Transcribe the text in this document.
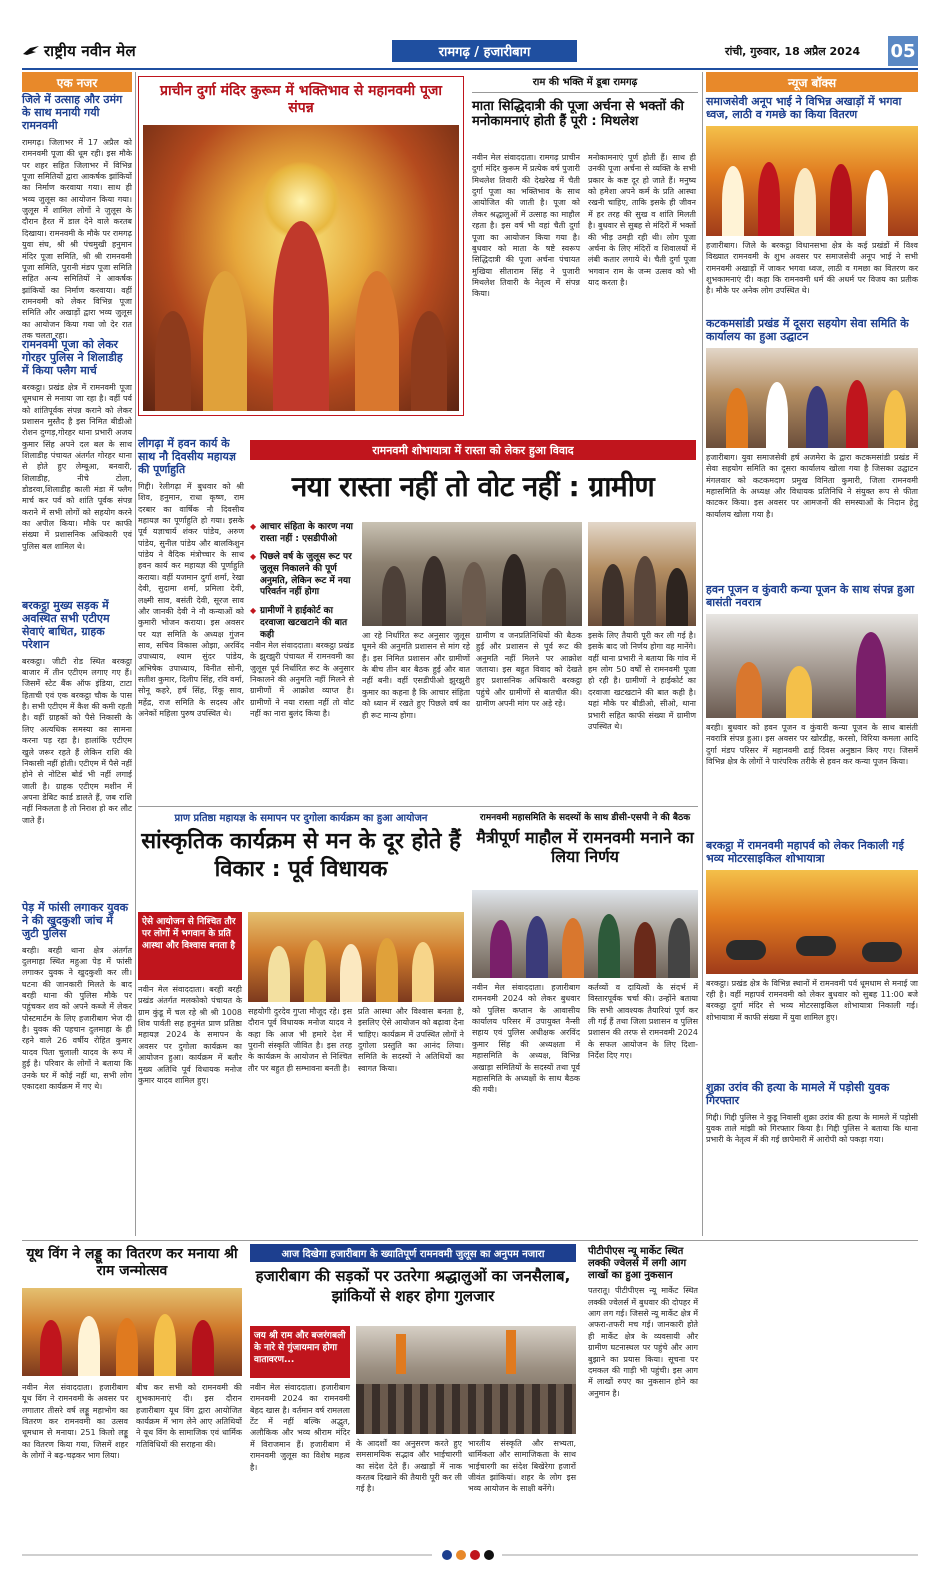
राष्ट्रीय नवीन मेल	रामगढ़ / हजारीबाग	रांची, गुरुवार, 18 अप्रैल 2024 05
एक नजर
जिले में उत्साह और उमंग के साथ मनायी गयी रामनवमी
रामगढ़। जिलाभर में 17 अप्रैल को रामनवमी पूजा की धूम रही। इस मौके पर शहर सहित जिलाभर में विभिन्न पूजा समितियों द्वारा आकर्षक झांकियों का निर्माण करवाया गया। साथ ही भव्य जुलूस का आयोजन किया गया। जुलूस में शामिल लोगों ने जुलूस के दौरान हैरत में डाल देने वाले करतब दिखाया। रामनवमी के मौके पर रामगढ़ युवा संघ, श्री श्री पंचमुखी हनुमान मंदिर पूजा समिति, श्री श्री रामनवमी पूजा समिति, पुरानी मंडप पूजा समिति सहित अन्य समितियों ने आकर्षक झांकियों का निर्माण करवाया। वहीं रामनवमी को लेकर विभिन्न पूजा समिति और अखाड़ों द्वारा भव्य जुलूस का आयोजन किया गया जो देर रात तक चलता रहा।
रामनवमी पूजा को लेकर गोरहर पुलिस ने शिलाडीह में किया फ्लैग मार्च
बरकट्ठा। प्रखंड क्षेत्र में रामनवमी पूजा धूमधाम से मनाया जा रहा है। वहीं पर्व को शांतिपूर्वक संपन्न कराने को लेकर प्रशासन मुस्तैद है इस निमित बीडीओ रोशन दुग्गड़,गोरहर थाना प्रभारी अजय कुमार सिंह अपने दल बल के साथ शिलाडीह पंचायत अंतर्गत गोरहर थाना से होते हुए लेम्बूआ, बनवारी, शिलाडीह, नीचे टोला, डोडरवा,शिलाडीह काली मंडा में फ्लैग मार्च कर पर्व को शांति पूर्वक संपन्न कराने में सभी लोगों को सहयोग करने का अपील किया। मौके पर काफी संख्या में प्रशासनिक अधिकारी एवं पुलिस बल शामिल थे।
बरकट्ठा मुख्य सड़क में अवस्थित सभी एटीएम सेवाएं बाधित, ग्राहक परेशान
बरकट्ठा। जीटी रोड स्थित बरकट्ठा बाजार में तीन एटीएम लगाए गए हैं। जिसमें स्टेट बैंक ऑफ इंडिया, टाटा हिताची एवं एक बरकट्ठा चौक के पास है। सभी एटीएम में कैश की कमी रहती है। वहीं ग्राहकों को पैसे निकासी के लिए अत्यधिक समस्या का सामना करना पड़ रहा है। हालांकि एटीएम खुले जरूर रहते हैं लेकिन राशि की निकासी नहीं होती। एटीएम में पैसे नहीं होने से नोटिस बोर्ड भी नहीं लगाई जाती है। ग्राहक एटीएम मशीन में अपना डेबिट कार्ड डालते हैं, जब राशि नहीं निकलता है तो निराश हो कर लौट जाते हैं।
पेड़ में फांसी लगाकर युवक ने की खुदकुशी जांच में जुटी पुलिस
बरही। बरही थाना क्षेत्र अंतर्गत दुलमाहा स्थित महुआ पेड़ में फांसी लगाकर युवक ने खुदकुशी कर ली। घटना की जानकारी मिलते के बाद बरही थाना की पुलिस मौके पर पहुंचकर शव को अपने कब्जे में लेकर पोस्टमार्टम के लिए हजारीबाग भेज दी है। युवक की पहचान दुलमाहा के ही रहने वाले 26 वर्षीय रोहित कुमार यादव पिता चुलाली यादव के रूप में हुई है। परिवार के लोगों ने बताया कि उनके घर में कोई नहीं था, सभी लोग एकादशा कार्यक्रम में गए थे।
प्राचीन दुर्गा मंदिर कुरूम में भक्तिभाव से महानवमी पूजा संपन्न
राम की भक्ति में डूबा रामगढ़
माता सिद्धिदात्री की पूजा अर्चना से भक्तों की मनोकामनाएं होती हैं पूरी : मिथलेश
नवीन मेल संवाददाता। रामगढ़ प्राचीन दुर्गा मंदिर कुरूम में प्रत्येक वर्ष पुजारी मिथलेश तिवारी की देखरेख में चैती दुर्गा पूजा का भक्तिभाव के साथ आयोजित की जाती है। पूजा को लेकर श्रद्धालुओं में उत्साह का माहौल रहता है। इस वर्ष भी वहां चैती दुर्गा पूजा का आयोजन किया गया है। बुधवार को माता के षष्टे स्वरूप सिद्धिदात्री की पूजा अर्चना पंचायत मुखिया सीताराम सिंह ने पुजारी मिथलेश तिवारी के नेतृत्व में संपन्न किया।
मनोकामनाएं पूर्ण होती हैं। साथ ही उनकी पूजा अर्चना से व्यक्ति के सभी प्रकार के कष्ट दूर हो जाते हैं। मनुष्य को हमेशा अपने कर्म के प्रति आस्था रखनी चाहिए, ताकि इसके ही जीवन में हर तरह की सुख व शांति मिलती है। बुधवार से सुबह से मंदिरों में भक्तों की भीड़ उमड़ी रही थी। लोग पूजा अर्चना के लिए मंदिरों व शिवालयों में लंबी कतार लगाये थे। चैती दुर्गा पूजा भगवान राम के जन्म उत्सव को भी याद करता है।
लीगढ़ा में हवन कार्य के साथ नौ दिवसीय महायज्ञ की पूर्णाहुति
गिद्दी। रेलीगढ़ा में बुधवार को श्री शिव, हनुमान, राधा कृष्ण, राम दरबार का वार्षिक नौ दिवसीय महायज्ञ का पूर्णाहुति हो गया। इसके पूर्व यज्ञाचार्य शंकर पांडेय, अरुण पांडेय, सुनील पांडेय और बालकिशुन पांडेय ने वैदिक मंत्रोच्चार के साथ हवन कार्य कर महायज्ञ की पूर्णाहुति कराया। वहीं यजमान दुर्गा शर्मा, रेखा देवी, सुदामा शर्मा, प्रमिला देवी, लक्ष्मी साव, बसंती देवी, सूरज साव और जानकी देवी ने नौ कन्याओं को कुमारी भोजन कराया। इस अवसर पर यज्ञ समिति के अध्यक्ष गुंजन साव, सचिव विकास ओझा, अरविंद उपाध्याय, श्याम सुंदर पांडेय, अभिषेक उपाध्याय, विनीत सोनी, सतीश कुमार, दिलीप सिंह, रवि वर्मा, सोनू कहरे, हर्ष सिंह, रिंकू साव, महेंद्र, राज समिति के सदस्य और अनेकों महिला पुरुष उपस्थित थे।
रामनवमी शोभायात्रा में रास्ता को लेकर हुआ विवाद
नया रास्ता नहीं तो वोट नहीं : ग्रामीण
◆ आचार संहिता के कारण नया रास्ता नहीं : एसडीपीओ
◆ पिछले वर्ष के जुलूस रूट पर जुलूस निकालने की पूर्ण अनुमति, लेकिन रूट में नया परिवर्तन नहीं होगा
◆ ग्रामीणों ने हाईकोर्ट का दरवाजा खटखटाने की बात कही
नवीन मेल संवाददाता। बरकट्ठा प्रखंड के झुरझुरी पंचायत में रामनवमी का जुलूस पूर्व निर्धारित रूट के अनुसार निकालने की अनुमति नहीं मिलने से ग्रामीणों में आक्रोश व्याप्त है। ग्रामीणों ने नया रास्ता नहीं तो वोट नहीं का नारा बुलंद किया है।
आ रहे निर्धारित रूट अनुसार जुलूस घूमने की अनुमति प्रशासन से मांग रहे हैं। इस निमित प्रशासन और ग्रामीणों के बीच तीन बार बैठक हुई और बात नहीं बनी। वहीं एसडीपीओ झुरझुरी कुमार का कहना है कि आचार संहिता को ध्यान में रखते हुए पिछले वर्ष का ही रूट मान्य होगा।
ग्रामीण व जनप्रतिनिधियों की बैठक हुई और प्रशासन से पूर्व रूट की अनुमति नहीं मिलने पर आक्रोश जताया। इस बहुत विवाद को देखते हुए प्रशासनिक अधिकारी बरकट्ठा पहुंचे और ग्रामीणों से बातचीत की। ग्रामीण अपनी मांग पर अड़े रहे।
इसके लिए तैयारी पूरी कर ली गई है। इसके बाद जो निर्णय होगा वह मानेंगे। वहीं थाना प्रभारी ने बताया कि गांव में हम लोग 50 वर्षों से रामनवमी पूजा हो रही है। ग्रामीणों ने हाईकोर्ट का दरवाजा खटखटाने की बात कही है। यहां मौके पर बीडीओ, सीओ, थाना प्रभारी सहित काफी संख्या में ग्रामीण उपस्थित थे।
प्राण प्रतिष्ठा महायज्ञ के समापन पर दुगोला कार्यक्रम का हुआ आयोजन
सांस्कृतिक कार्यक्रम से मन के दूर होते हैं विकार : पूर्व विधायक
ऐसे आयोजन से निश्चित तौर पर लोगों में भगवान के प्रति आस्था और विश्वास बनता है
नवीन मेल संवाददाता। बरही बरही प्रखंड अंतर्गत मलकोको पंचायत के ग्राम कुंडू में चल रहे श्री श्री 1008 शिव पार्वती सह हनुमंत प्राण प्रतिष्ठा महायज्ञ 2024 के समापन के अवसर पर दुगोला कार्यक्रम का आयोजन हुआ। कार्यक्रम में बतौर मुख्य अतिथि पूर्व विधायक मनोज कुमार यादव शामिल हुए।
सहयोगी दुरदेव गुप्ता मौजूद रहे। इस दौरान पूर्व विधायक मनोज यादव ने कहा कि आज भी हमारे देश में पुरानी संस्कृति जीवित है। इस तरह के कार्यक्रम के आयोजन से निश्चित तौर पर बहुत ही सम्भावना बनती है।
प्रति आस्था और विश्वास बनता है, इसलिए ऐसे आयोजन को बढ़ावा देना चाहिए। कार्यक्रम में उपस्थित लोगों ने दुगोला प्रस्तुति का आनंद लिया। समिति के सदस्यों ने अतिथियों का स्वागत किया।
रामनवमी महासमिति के सदस्यों के साथ डीसी-एसपी ने की बैठक
मैत्रीपूर्ण माहौल में रामनवमी मनाने का लिया निर्णय
नवीन मेल संवाददाता। हजारीबाग रामनवमी 2024 को लेकर बुधवार को पुलिस कप्तान के आवासीय कार्यालय परिसर में उपायुक्त नैन्सी सहाय एवं पुलिस अधीक्षक अरविंद कुमार सिंह की अध्यक्षता में महासमिति के अध्यक्ष, विभिन्न अखाड़ा समितियों के सदस्यों तथा पूर्व महासमिति के अध्यक्षों के साथ बैठक की गयी।
कर्तव्यों व दायित्वों के संदर्भ में विस्तारपूर्वक चर्चा की। उन्होंने बताया कि सभी आवश्यक तैयारियां पूर्ण कर ली गई हैं तथा जिला प्रशासन व पुलिस प्रशासन की तरफ से रामनवमी 2024 के सफल आयोजन के लिए दिशा-निर्देश दिए गए।
न्यूज बॉक्स
समाजसेवी अनूप भाई ने विभिन्न अखाड़ों में भगवा ध्वज, लाठी व गमछे का किया वितरण
हजारीबाग। जिले के बरकट्ठा विधानसभा क्षेत्र के कई प्रखंडों में विश्व विख्यात रामनवमी के शुभ अवसर पर समाजसेवी अनूप भाई ने सभी रामनवमी अखाड़ों में जाकर भगवा ध्वज, लाठी व गमछा का वितरण कर शुभकामनाएं दी। कहा कि रामनवमी धर्म की अधर्म पर विजय का प्रतीक है। मौके पर अनेक लोग उपस्थित थे।
कटकमसांडी प्रखंड में दूसरा सहयोग सेवा समिति के कार्यालय का हुआ उद्घाटन
हजारीबाग। युवा समाजसेवी हर्ष अजमेरा के द्वारा कटकमसांडी प्रखंड में सेवा सहयोग समिति का दूसरा कार्यालय खोला गया है जिसका उद्घाटन मंगलवार को कटकमदाग प्रमुख विनिता कुमारी, जिला रामनवमी महासमिति के अध्यक्ष और विधायक प्रतिनिधि ने संयुक्त रूप से फीता काटकर किया। इस अवसर पर आमजनों की समस्याओं के निदान हेतु कार्यालय खोला गया है।
हवन पूजन व कुंवारी कन्या पूजन के साथ संपन्न हुआ बासंती नवरात्र
बरही। बुधवार को हवन पूजन व कुंवारी कन्या पूजन के साथ बासंती नवरात्रि संपन्न हुआ। इस अवसर पर खोरडीह, करसो, विरिया कमला आदि दुर्गा मंडप परिसर में महानवमी ढाई दिवस अनुष्ठान किए गए। जिसमें विभिन्न क्षेत्र के लोगों ने पारंपरिक तरीके से हवन कर कन्या पूजन किया।
बरकट्ठा में रामनवमी महापर्व को लेकर निकाली गई भव्य मोटरसाइकिल शोभायात्रा
बरकट्ठा। प्रखंड क्षेत्र के विभिन्न स्थानों में रामनवमी पर्व धूमधाम से मनाई जा रही है। वहीं महापर्व रामनवमी को लेकर बुधवार को सुबह 11:00 बजे बरकट्ठा दुर्गा मंदिर से भव्य मोटरसाइकिल शोभायात्रा निकाली गई। शोभायात्रा में काफी संख्या में युवा शामिल हुए।
शुक्रा उरांव की हत्या के मामले में पड़ोसी युवक गिरफ्तार
गिद्दी। गिद्दी पुलिस ने कुडू निवासी शुक्रा उरांव की हत्या के मामले में पड़ोसी युवक ताले मांझी को गिरफ्तार किया है। गिद्दी पुलिस ने बताया कि थाना प्रभारी के नेतृत्व में की गई छापेमारी में आरोपी को पकड़ा गया।
यूथ विंग ने लड्डू का वितरण कर मनाया श्री राम जन्मोत्सव
नवीन मेल संवाददाता। हजारीबाग यूथ विंग ने रामनवमी के अवसर पर लगातार तीसरे वर्ष लड्डू महाभोग का वितरण कर रामनवमी का उत्सव धूमधाम से मनाया। 251 किलो लड्डू का वितरण किया गया, जिसमें शहर के लोगों ने बढ़-चढ़कर भाग लिया।
बीच कर सभी को रामनवमी की शुभकामनाएं दी। इस दौरान हजारीबाग यूथ विंग द्वारा आयोजित कार्यक्रम में भाग लेने आए अतिथियों ने यूथ विंग के सामाजिक एवं धार्मिक गतिविधियों की सराहना की।
आज दिखेगा हजारीबाग के ख्यातिपूर्ण रामनवमी जुलूस का अनुपम नजारा
हजारीबाग की सड़कों पर उतरेगा श्रद्धालुओं का जनसैलाब, झांकियों से शहर होगा गुलजार
जय श्री राम और बजरंगबली के नारे से गुंजायमान होगा वातावरण...
नवीन मेल संवाददाता। हजारीबाग रामनवमी 2024 का रामनवमी बेहद खास है। वर्तमान वर्ष रामलला टेंट में नहीं बल्कि अद्भुत, अलौकिक और भव्य श्रीराम मंदिर में विराजमान हैं। हजारीबाग में रामनवमी जुलूस का विशेष महत्व है।
के आदर्शों का अनुसरण करते हुए समसामयिक सद्भाव और भाईचारगी का संदेश देते हैं। अखाड़ों में नाक करतब दिखाने की तैयारी पूरी कर ली गई है।
भारतीय संस्कृति और सभ्यता, धार्मिकता और सामाजिकता के साथ भाईचारगी का संदेश बिखेरेगा हजारों जीवंत झांकियां। शहर के लोग इस भव्य आयोजन के साक्षी बनेंगे।
पीटीपीएस न्यू मार्केट स्थित लक्की ज्वेलर्स में लगी आग लाखों का हुआ नुकसान
पतरातू। पीटीपीएस न्यू मार्केट स्थित लक्की ज्वेलर्स में बुधवार की दोपहर में आग लग गई। जिससे न्यू मार्केट क्षेत्र में अफरा-तफरी मच गई। जानकारी होते ही मार्केट क्षेत्र के व्यवसायी और ग्रामीण घटनास्थल पर पहुंचे और आग बुझाने का प्रयास किया। सूचना पर दमकल की गाड़ी भी पहुंची। इस आग में लाखों रुपए का नुकसान होने का अनुमान है।
